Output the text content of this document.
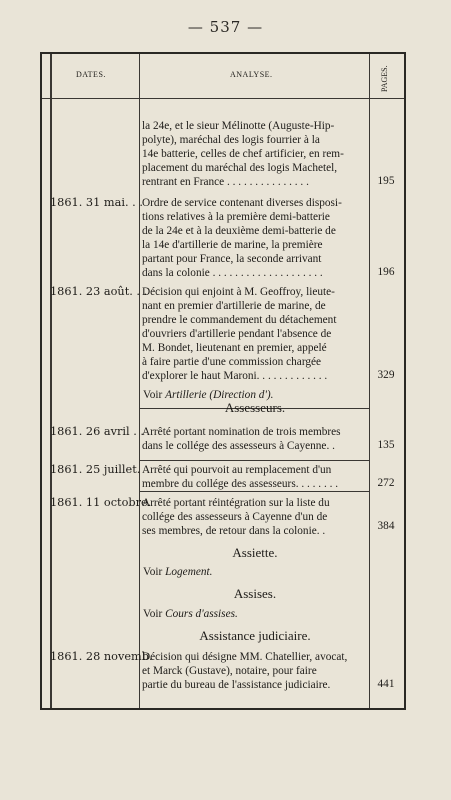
— 537 —
DATES.	ANALYSE.	PAGES.
la 24e, et le sieur Mélinotte (Auguste-Hip-
polyte), maréchal des logis fourrier à la
14e batterie, celles de chef artificier, en rem-
placement du maréchal des logis Machetel,
rentrant en France . . . . . . . . . . . . . . .	195
1861. 31 mai. . . Ordre de service contenant diverses disposi-
tions relatives à la première demi-batterie
de la 24e et à la deuxième demi-batterie de
la 14e d'artillerie de marine, la première
partant pour France, la seconde arrivant
dans la colonie . . . . . . . . . . . . . . . . . . . .	196
1861. 23 août. . .
Décision qui enjoint à M. Geoffroy, lieute-
nant en premier d'artillerie de marine, de
prendre le commandement du détachement
d'ouvriers d'artillerie pendant l'absence de
M. Bondet, lieutenant en premier, appelé
à faire partie d'une commission chargée
d'explorer le haut Maroni. . . . . . . . . . . . .	329
Voir Artillerie (Direction d').
Assesseurs.
1861. 26 avril . .
Arrêté portant nomination de trois membres
dans le collége des assesseurs à Cayenne. .	135
1861. 25 juillet. Arrêté qui pourvoit au remplacement d'un
membre du collége des assesseurs. . . . . . . .	272
1861. 11 octobre.
Arrêté portant réintégration sur la liste du
collége des assesseurs à Cayenne d'un de
ses membres, de retour dans la colonie. .	384
Assiette.
Voir Logement.
Assises.
Voir Cours d'assises.
Assistance judiciaire.
1861. 28 novemb.
Décision qui désigne MM. Chatellier, avocat,
et Marck (Gustave), notaire, pour faire
partie du bureau de l'assistance judiciaire.	441
